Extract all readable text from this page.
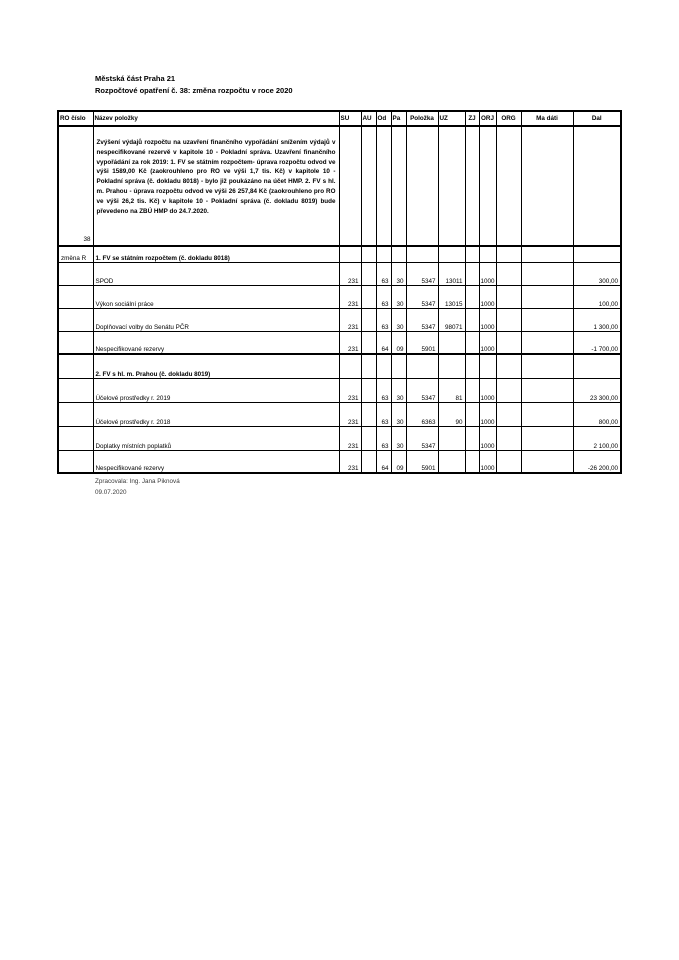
Městská část Praha 21
Rozpočtové opatření č. 38: změna rozpočtu v roce 2020
RO číslo	Název položky	SU	AU	Od	Pa	Položka	UZ	ZJ	ORJ	ORG	Ma dáti	Dal
38	Zvýšení výdajů rozpočtu na uzavření finančního vypořádání snížením výdajů v nespecifikované rezervě v kapitole 10 - Pokladní správa. Uzavření finančního vypořádání za rok 2019: 1. FV se státním rozpočtem- úprava rozpočtu odvod ve výši 1589,00 Kč (zaokrouhleno pro RO ve výši 1,7 tis. Kč) v kapitole 10 - Pokladní správa (č. dokladu 8018) - bylo již poukázáno na účet HMP. 2. FV s hl. m. Prahou - úprava rozpočtu odvod ve výši 26 257,84 Kč (zaokrouhleno pro RO ve výši 26,2 tis. Kč) v kapitole 10 - Pokladní správa (č. dokladu 8019) bude převedeno na ZBÚ HMP do 24.7.2020.											
změna R	1. FV se státním rozpočtem (č. dokladu 8018)											
	SPOD	231		63	30	5347	13011		1000			300,00
	Výkon sociální práce	231		63	30	5347	13015		1000			100,00
	Doplňovací volby do Senátu PČR	231		63	30	5347	98071		1000			1 300,00
	Nespecifikované rezervy	231		64	09	5901			1000			-1 700,00
	2. FV s hl. m. Prahou (č. dokladu 8019)											
	Účelové prostředky r. 2019	231		63	30	5347	81		1000			23 300,00
	Účelové prostředky r. 2018	231		63	30	6363	90		1000			800,00
	Doplatky místních poplatků	231		63	30	5347			1000			2 100,00
	Nespecifikované rezervy	231		64	09	5901			1000			-26 200,00
Zpracovala: Ing. Jana Piknová
09.07.2020
